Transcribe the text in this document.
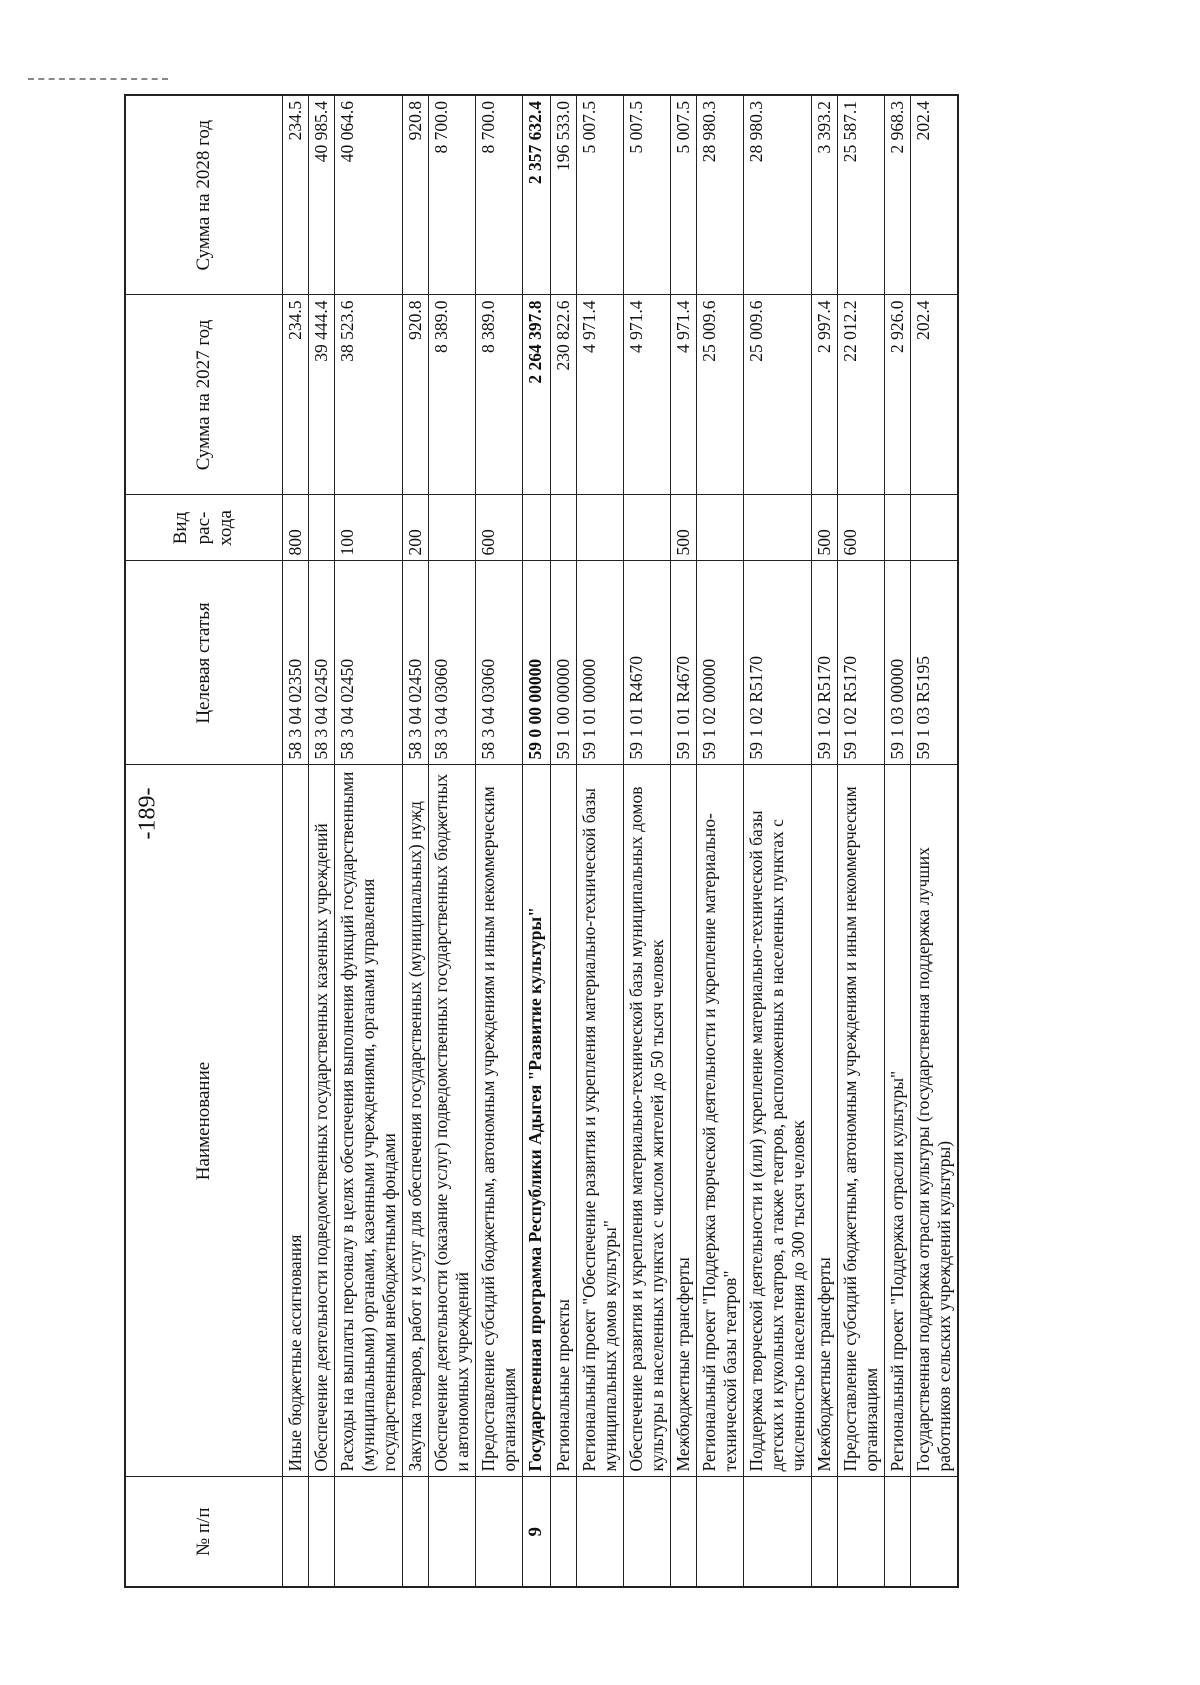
-189-
№ п/п	Наименование	Целевая статья	Вид рас- хода	Сумма на 2027 год	Сумма на 2028 год
	Иные бюджетные ассигнования	58 3 04 02350	800	234.5	234.5
	Обеспечение деятельности подведомственных государственных казенных учреждений	58 3 04 02450		39 444.4	40 985.4
	Расходы на выплаты персоналу в целях обеспечения выполнения функций государственными (муниципальными) органами, казенными учреждениями, органами управления государственными внебюджетными фондами	58 3 04 02450	100	38 523.6	40 064.6
	Закупка товаров, работ и услуг для обеспечения государственных (муниципальных) нужд	58 3 04 02450	200	920.8	920.8
	Обеспечение деятельности (оказание услуг) подведомственных государственных бюджетных и автономных учреждений	58 3 04 03060		8 389.0	8 700.0
	Предоставление субсидий бюджетным, автономным учреждениям и иным некоммерческим организациям	58 3 04 03060	600	8 389.0	8 700.0
9	Государственная программа Республики Адыгея "Развитие культуры"	59 0 00 00000		2 264 397.8	2 357 632.4
	Региональные проекты	59 1 00 00000		230 822.6	196 533.0
	Региональный проект "Обеспечение развития и укрепления материально-технической базы муниципальных домов культуры"	59 1 01 00000		4 971.4	5 007.5
	Обеспечение развития и укрепления материально-технической базы муниципальных домов культуры в населенных пунктах с числом жителей до 50 тысяч человек	59 1 01 R4670		4 971.4	5 007.5
	Межбюджетные трансферты	59 1 01 R4670	500	4 971.4	5 007.5
	Региональный проект "Поддержка творческой деятельности и укрепление материально-технической базы театров"	59 1 02 00000		25 009.6	28 980.3
	Поддержка творческой деятельности и (или) укрепление материально-технической базы детских и кукольных театров, а также театров, расположенных в населенных пунктах с численностью населения до 300 тысяч человек	59 1 02 R5170		25 009.6	28 980.3
	Межбюджетные трансферты	59 1 02 R5170	500	2 997.4	3 393.2
	Предоставление субсидий бюджетным, автономным учреждениям и иным некоммерческим организациям	59 1 02 R5170	600	22 012.2	25 587.1
	Региональный проект "Поддержка отрасли культуры"	59 1 03 00000		2 926.0	2 968.3
	Государственная поддержка отрасли культуры (государственная поддержка лучших работников сельских учреждений культуры)	59 1 03 R5195		202.4	202.4
